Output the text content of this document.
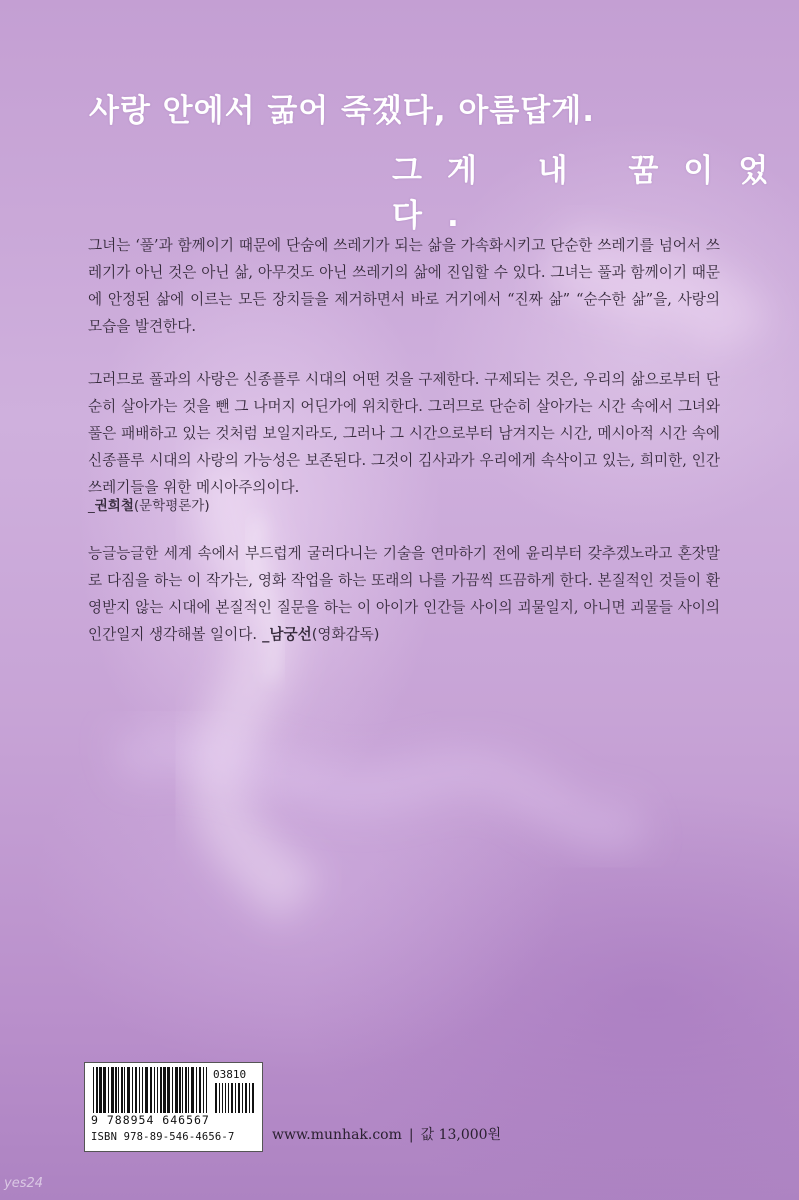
사랑 안에서 굶어 죽겠다, 아름답게.
그게 내 꿈이었다.

그녀는 ‘풀’과 함께이기 때문에 단숨에 쓰레기가 되는 삶을 가속화시키고 단순한 쓰레기를 넘어서 쓰레기가 아닌 것은 아닌 삶, 아무것도 아닌 쓰레기의 삶에 진입할 수 있다. 그녀는 풀과 함께이기 때문에 안정된 삶에 이르는 모든 장치들을 제거하면서 바로 거기에서 “진짜 삶” “순수한 삶”을, 사랑의 모습을 발견한다.

그러므로 풀과의 사랑은 신종플루 시대의 어떤 것을 구제한다. 구제되는 것은, 우리의 삶으로부터 단순히 살아가는 것을 뺀 그 나머지 어딘가에 위치한다. 그러므로 단순히 살아가는 시간 속에서 그녀와 풀은 패배하고 있는 것처럼 보일지라도, 그러나 그 시간으로부터 남겨지는 시간, 메시아적 시간 속에 신종플루 시대의 사랑의 가능성은 보존된다. 그것이 김사과가 우리에게 속삭이고 있는, 희미한, 인간쓰레기들을 위한 메시아주의이다.

_권희철(문학평론가)

능글능글한 세계 속에서 부드럽게 굴러다니는 기술을 연마하기 전에 윤리부터 갖추겠노라고 혼잣말로 다짐을 하는 이 작가는, 영화 작업을 하는 또래의 나를 가끔씩 뜨끔하게 한다. 본질적인 것들이 환영받지 않는 시대에 본질적인 질문을 하는 이 아이가 인간들 사이의 괴물일지, 아니면 괴물들 사이의 인간일지 생각해볼 일이다. _남궁선(영화감독)

03810

9 788954 646567

ISBN 978-89-546-4656-7	www.munhak.com | 값 13,000원

yes24
